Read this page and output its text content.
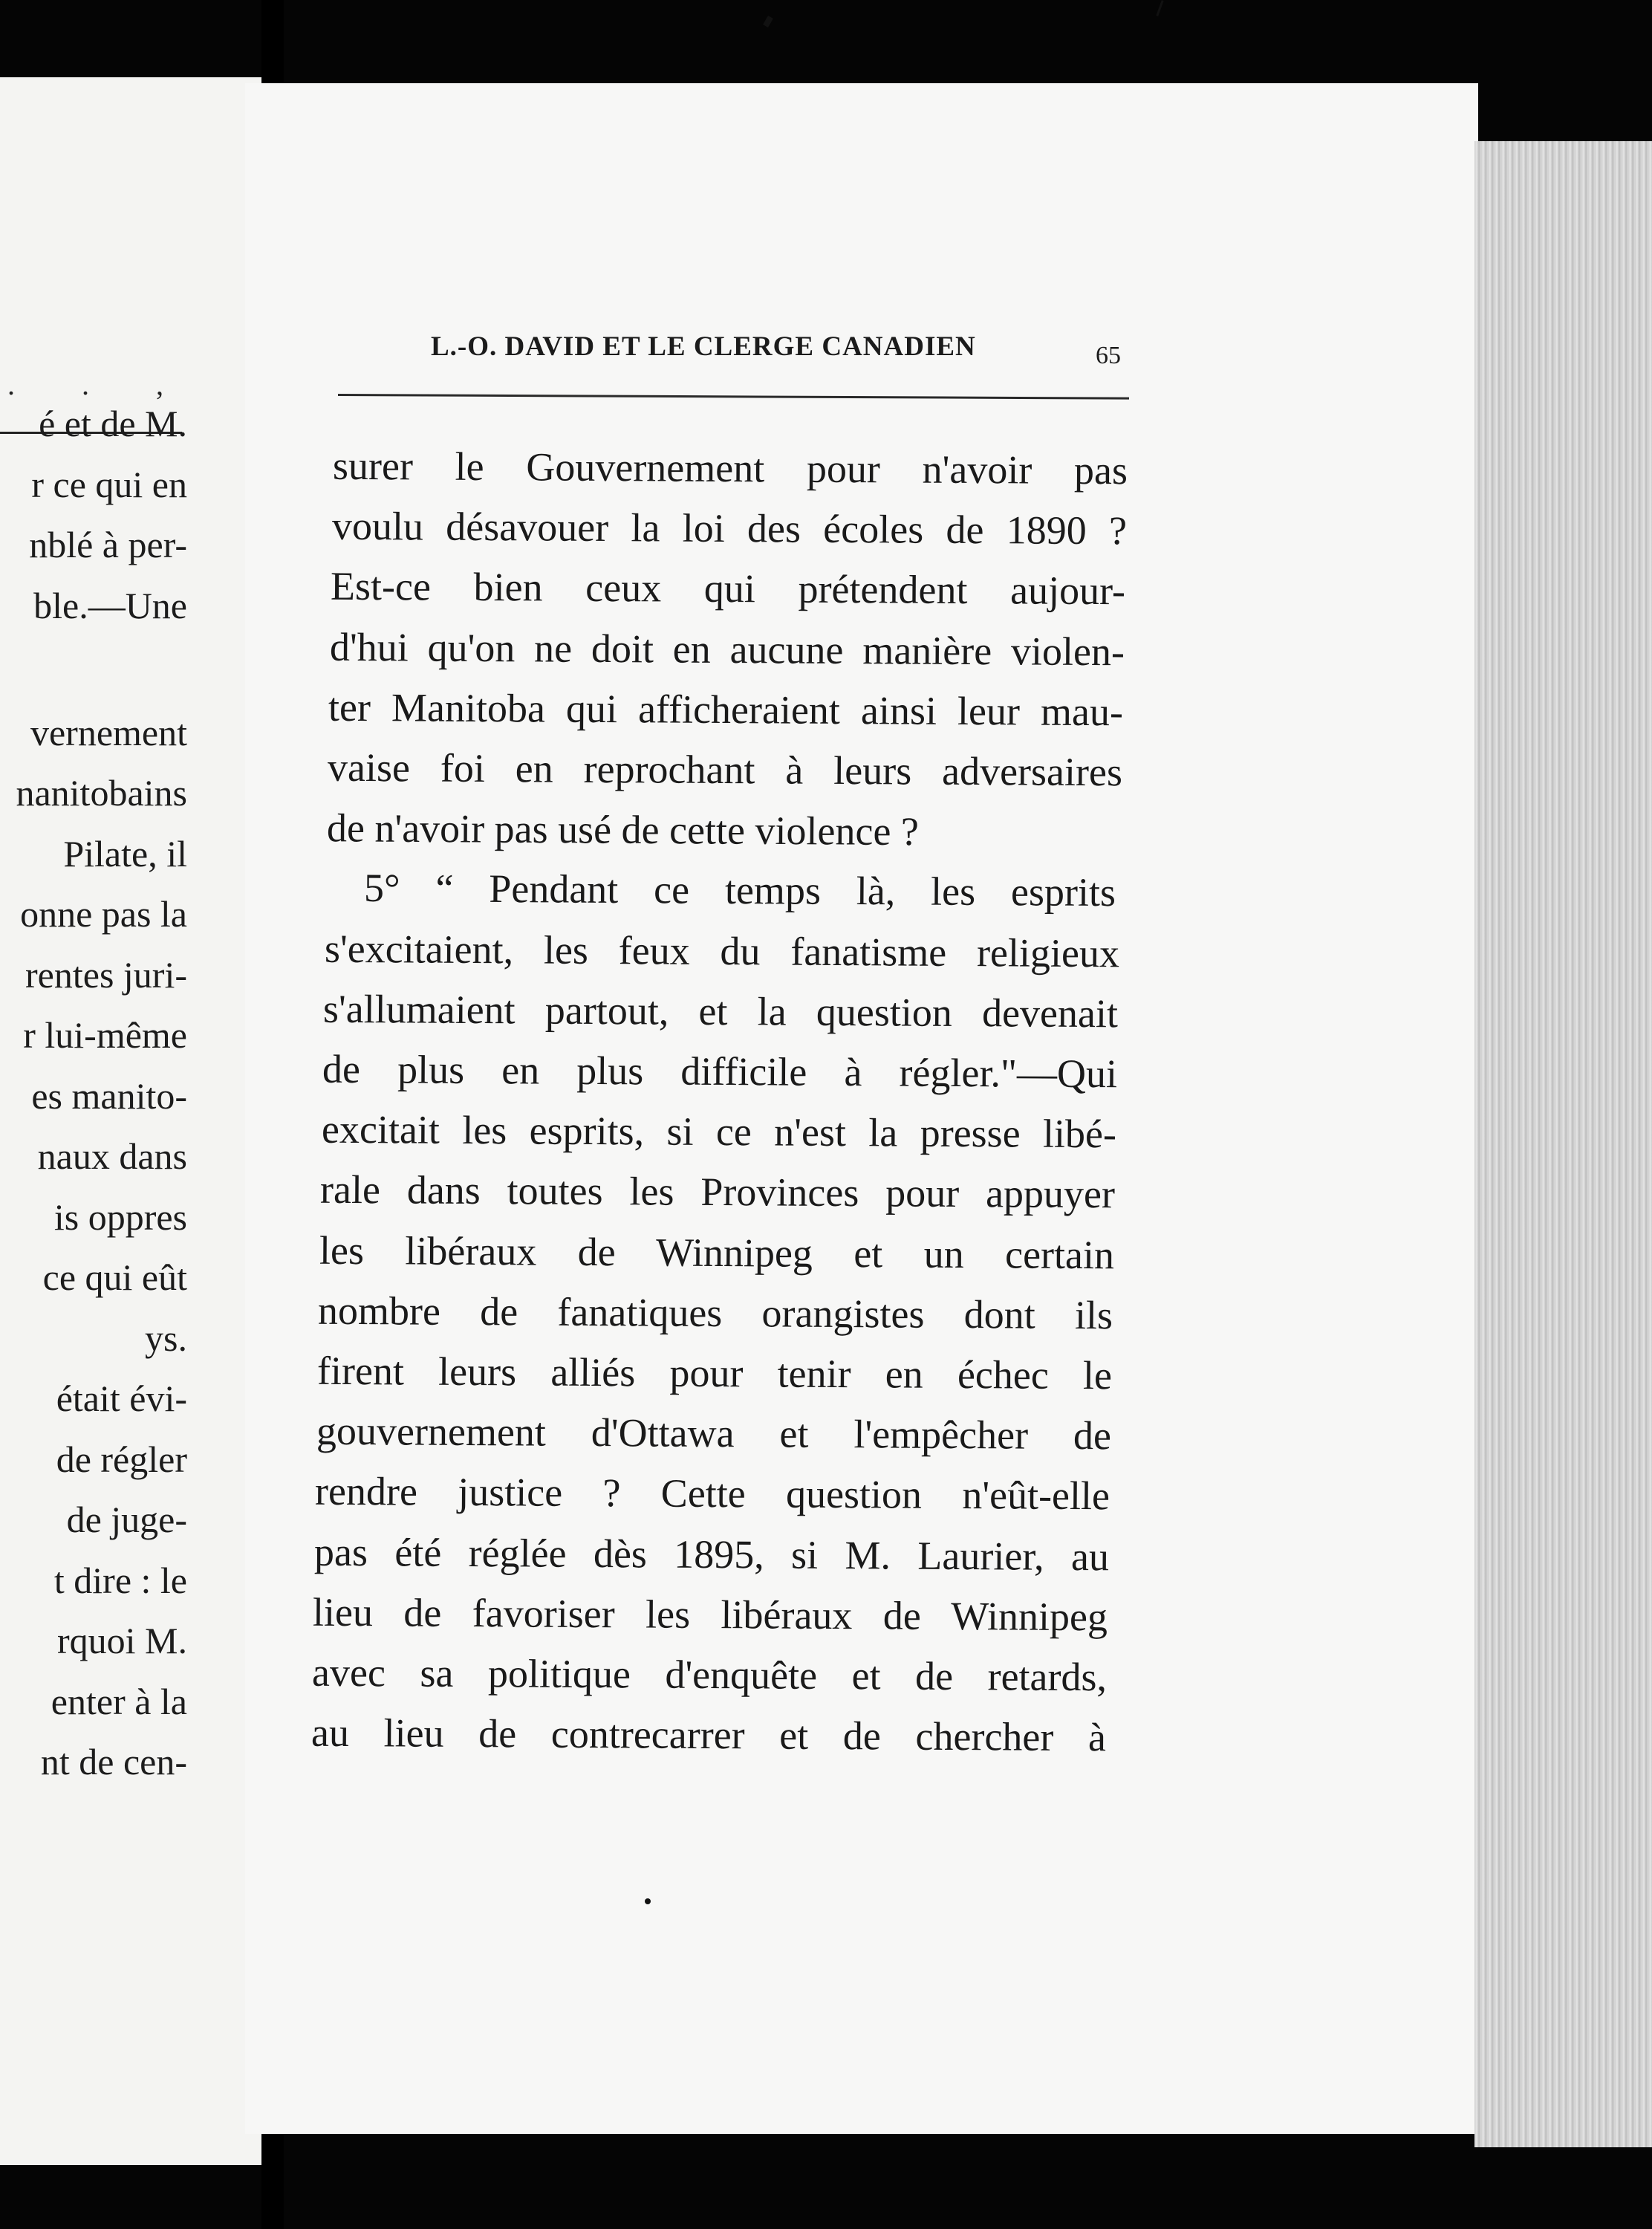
. . ,
é et de M.
r ce qui en
nblé à per-
ble.—Une
vernement
nanitobains
Pilate, il
onne pas la
rentes juri-
r lui-même
es manito-
naux dans
is oppres
ce qui eût
ys.
était évi-
de régler
de juge-
t dire : le
rquoi M.
enter à la
nt de cen-
L.-O. DAVID ET LE CLERGE CANADIEN	65
surer le Gouvernement pour n'avoir pas
voulu désavouer la loi des écoles de 1890 ?
Est-ce bien ceux qui prétendent aujour-
d'hui qu'on ne doit en aucune manière violen-
ter Manitoba qui afficheraient ainsi leur mau-
vaise foi en reprochant à leurs adversaires
de n'avoir pas usé de cette violence ?
5° “ Pendant ce temps là, les esprits
s'excitaient, les feux du fanatisme religieux
s'allumaient partout, et la question devenait
de plus en plus difficile à régler."—Qui
excitait les esprits, si ce n'est la presse libé-
rale dans toutes les Provinces pour appuyer
les libéraux de Winnipeg et un certain
nombre de fanatiques orangistes dont ils
firent leurs alliés pour tenir en échec le
gouvernement d'Ottawa et l'empêcher de
rendre justice ? Cette question n'eût-elle
pas été réglée dès 1895, si M. Laurier, au
lieu de favoriser les libéraux de Winnipeg
avec sa politique d'enquête et de retards,
au lieu de contrecarrer et de chercher à
